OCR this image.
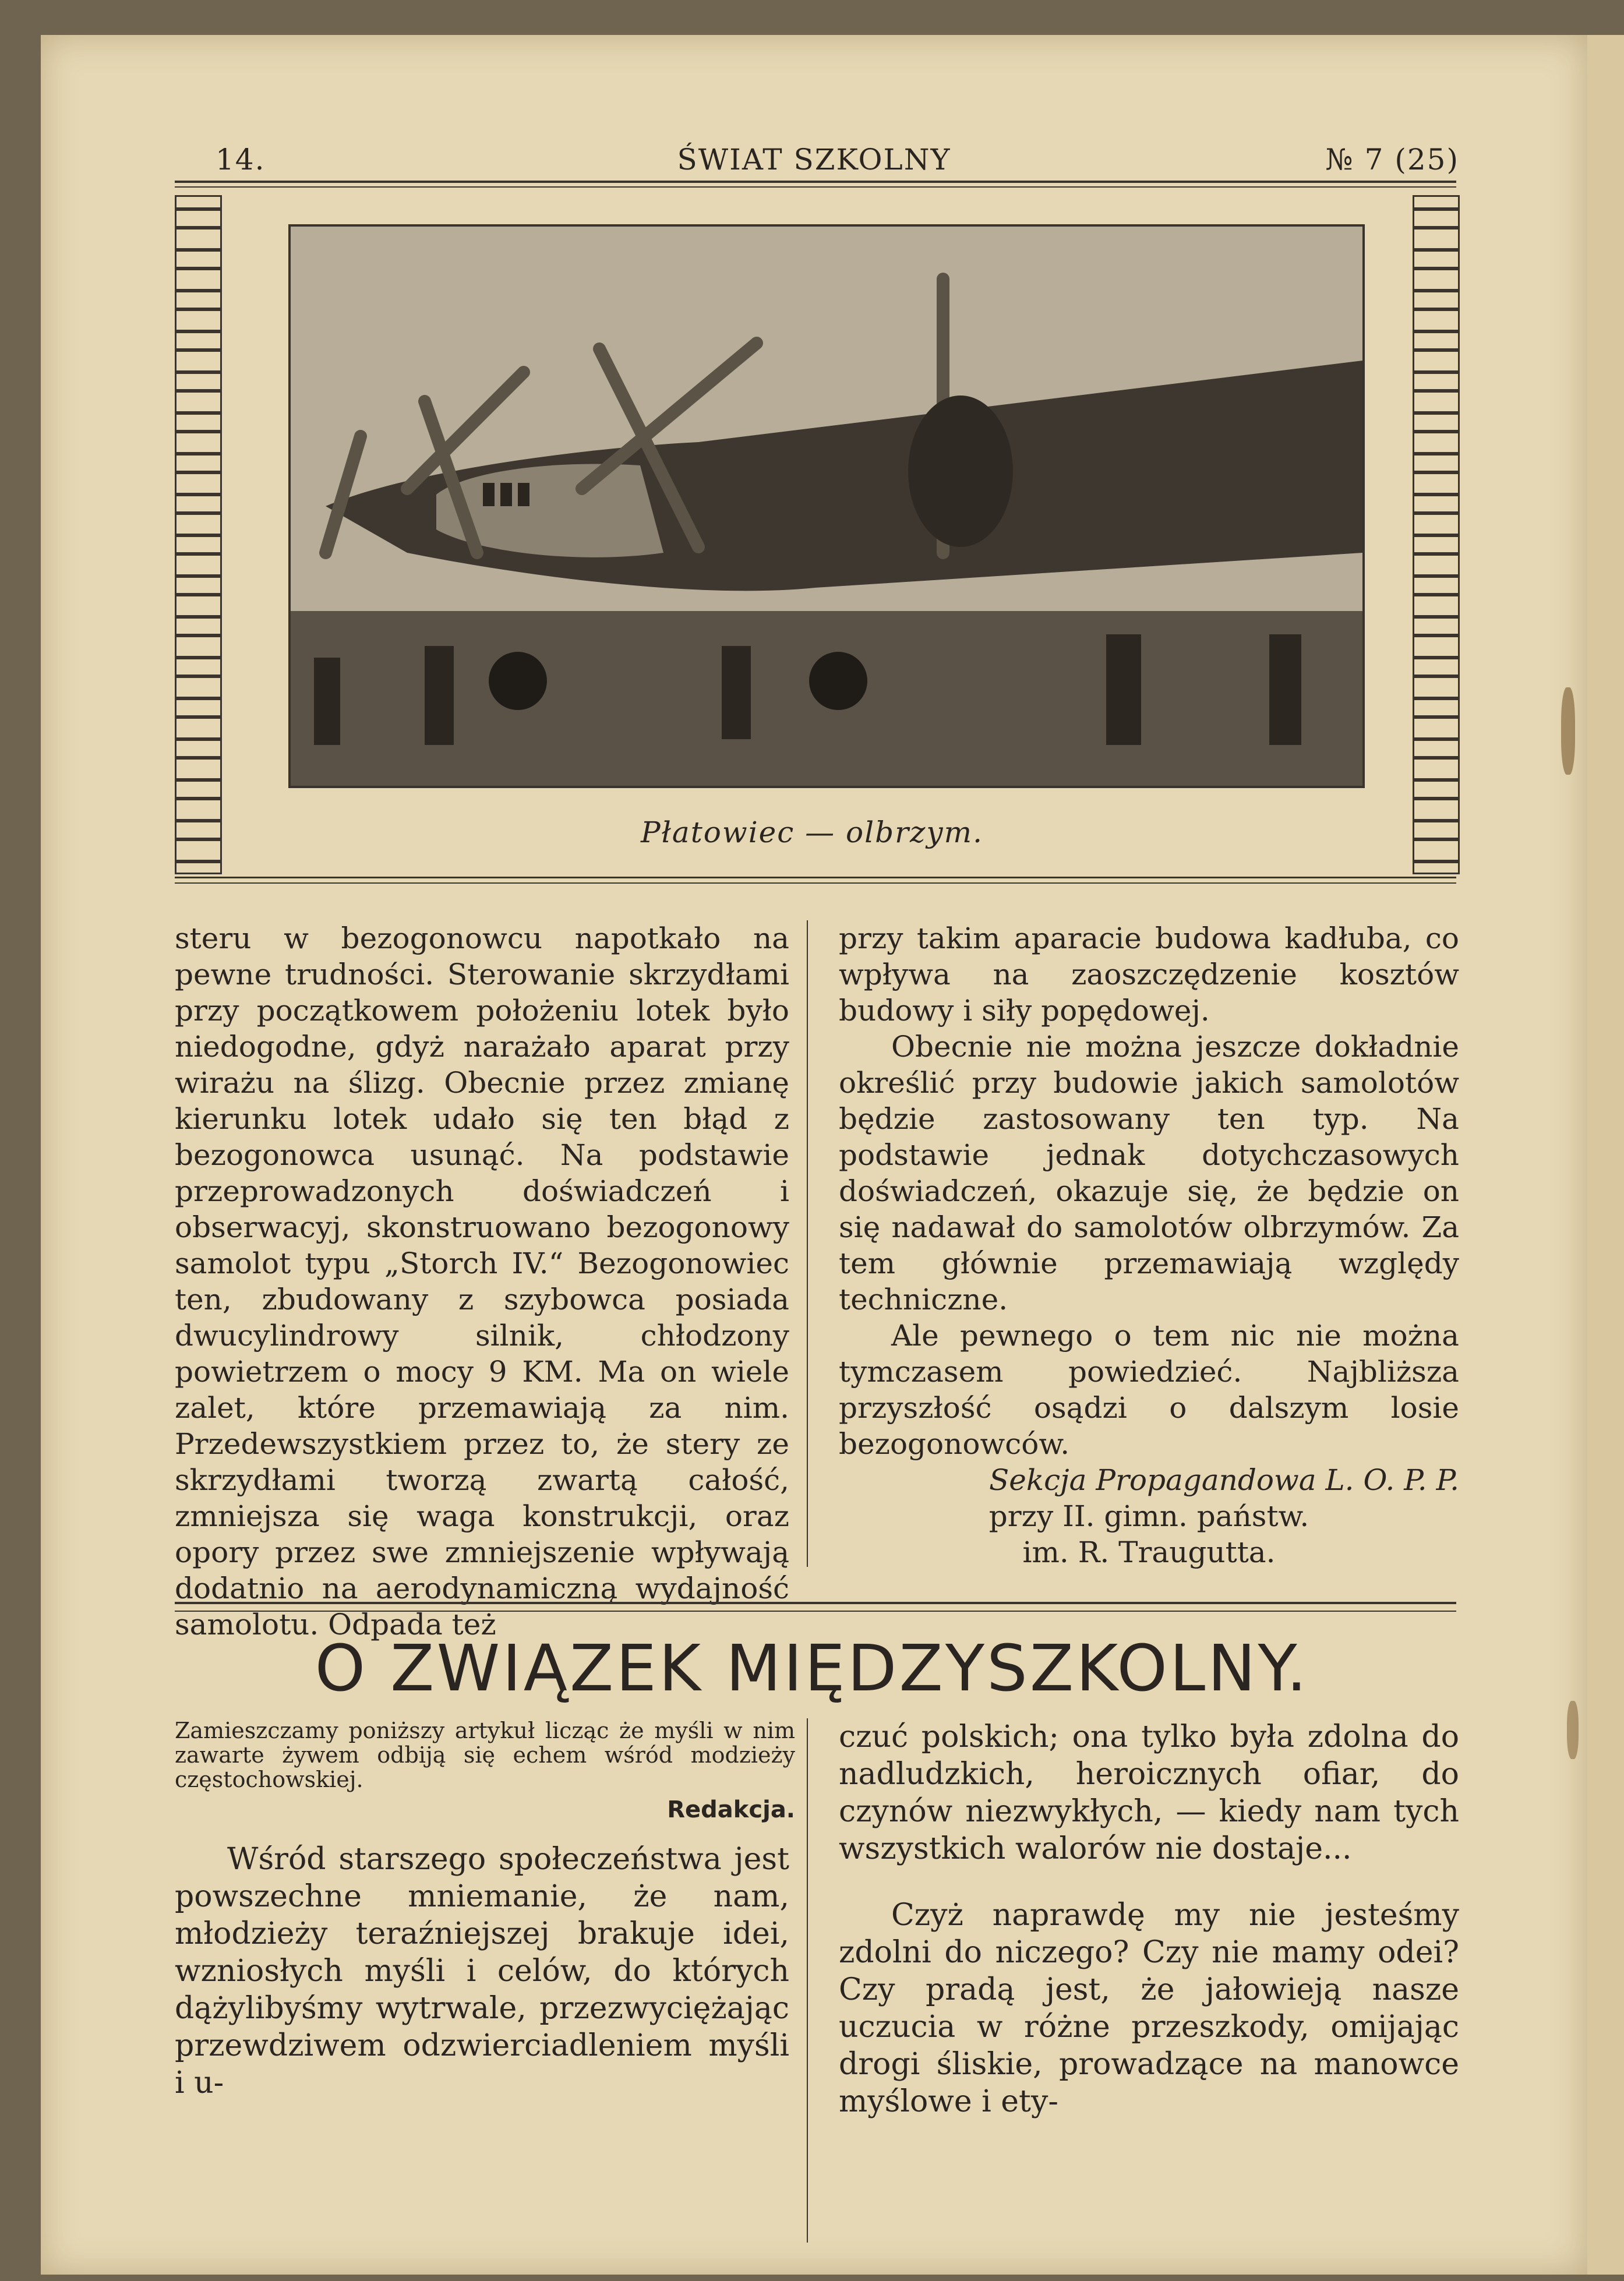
14.	ŚWIAT SZKOLNY	№ 7 (25)
Płatowiec — olbrzym.

steru w bezogonowcu napotkało na pewne trudności. Sterowanie skrzydłami przy początkowem położeniu lotek było niedogodne, gdyż narażało aparat przy wirażu na ślizg. Obecnie przez zmianę kierunku lotek udało się ten błąd z bezogonowca usunąć. Na podstawie przeprowadzonych doświadczeń i obserwacyj, skonstruowano bezogonowy samolot typu „Storch IV.“ Bezogonowiec ten, zbudowany z szybowca posiada dwucylindrowy silnik, chłodzony powietrzem o mocy 9 KM. Ma on wiele zalet, które przemawiają za nim. Przedewszystkiem przez to, że stery ze skrzydłami tworzą zwartą całość, zmniejsza się waga konstrukcji, oraz opory przez swe zmniejszenie wpływają dodatnio na aerodynamiczną wydajność samolotu. Odpada też

przy takim aparacie budowa kadłuba, co wpływa na zaoszczędzenie kosztów budowy i siły popędowej.

Obecnie nie można jeszcze dokładnie określić przy budowie jakich samolotów będzie zastosowany ten typ. Na podstawie jednak dotychczasowych doświadczeń, okazuje się, że będzie on się nadawał do samolotów olbrzymów. Za tem głównie przemawiają względy techniczne.

Ale pewnego o tem nic nie można tymczasem powiedzieć. Najbliższa przyszłość osądzi o dalszym losie bezogonowców.

Sekcja Propagandowa L. O. P. P.

przy II. gimn. państw.

im. R. Traugutta.

O ZWIĄZEK MIĘDZYSZKOLNY.
Zamieszczamy poniższy artykuł licząc że myśli w nim zawarte żywem odbiją się echem wśród modzieży częstochowskiej.
Redakcja.

Wśród starszego społeczeństwa jest powszechne mniemanie, że nam, młodzieży teraźniejszej brakuje idei, wzniosłych myśli i celów, do których dążylibyśmy wytrwale, przezwyciężając przewdziwem odzwierciadleniem myśli i u-

czuć polskich; ona tylko była zdolna do nadludzkich, heroicznych ofiar, do czynów niezwykłych, — kiedy nam tych wszystkich walorów nie dostaje...

Czyż naprawdę my nie jesteśmy zdolni do niczego? Czy nie mamy odei? Czy pradą jest, że jałowieją nasze uczucia w różne przeszkody, omijając drogi śliskie, prowadzące na manowce myślowe i ety-
